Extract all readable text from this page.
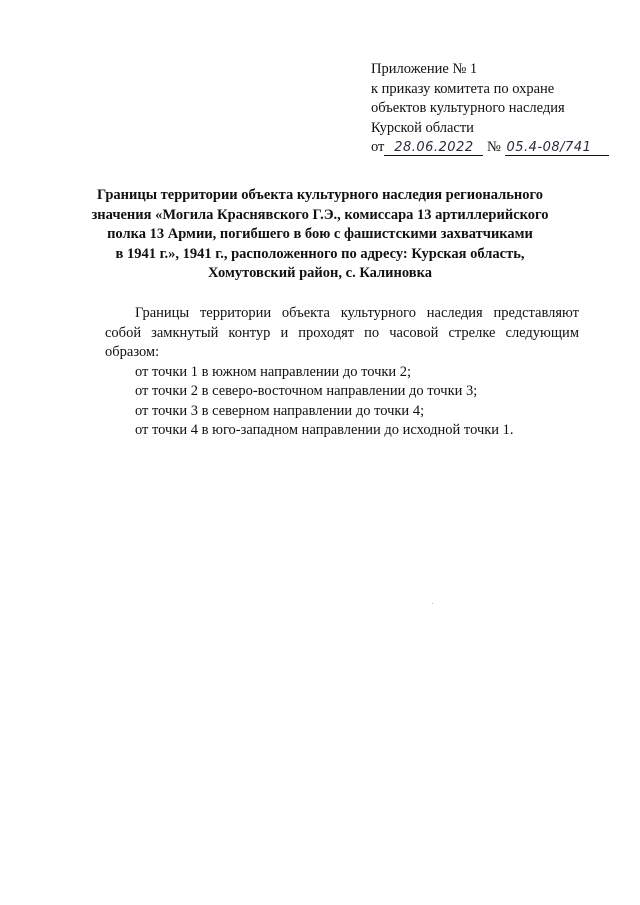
Приложение № 1
к приказу комитета по охране
объектов культурного наследия
Курской области
от 28.06.2022 № 05.4-08/741
Границы территории объекта культурного наследия регионального
значения «Могила Краснявского Г.Э., комиссара 13 артиллерийского
полка 13 Армии, погибшего в бою с фашистскими захватчиками
в 1941 г.», 1941 г., расположенного по адресу: Курская область,
Хомутовский район, с. Калиновка

Границы территории объекта культурного наследия представляют собой замкнутый контур и проходят по часовой стрелке следующим образом:

от точки 1 в южном направлении до точки 2;
от точки 2 в северо-восточном направлении до точки 3;
от точки 3 в северном направлении до точки 4;
от точки 4 в юго-западном направлении до исходной точки 1.
